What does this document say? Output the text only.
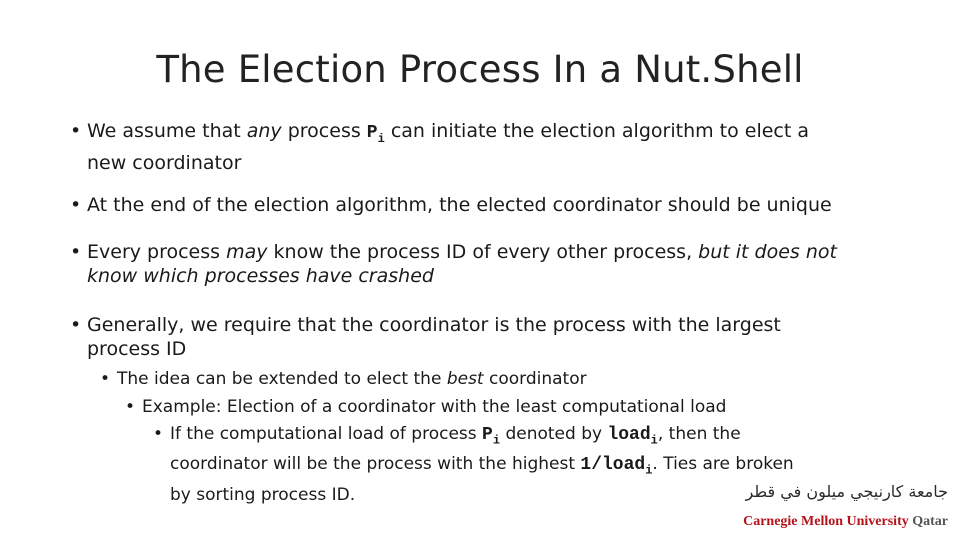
The Election Process In a Nut.Shell
• We assume that any process $P_i$ can initiate the election algorithm to elect a
new coordinator
• At the end of the election algorithm, the elected coordinator should be unique
• Every process may know the process ID of every other process, but it does not
know which processes have crashed
• Generally, we require that the coordinator is the process with the largest
process ID
• The idea can be extended to elect the best coordinator
• Example: Election of a coordinator with the least computational load
• If the computational load of process $P_i$ denoted by load$_i$, then the
coordinator will be the process with the highest 1/load$_i$. Ties are broken
by sorting process ID.	جامعة كارنيجي ميلون في قطر
Carnegie Mellon University Qatar
